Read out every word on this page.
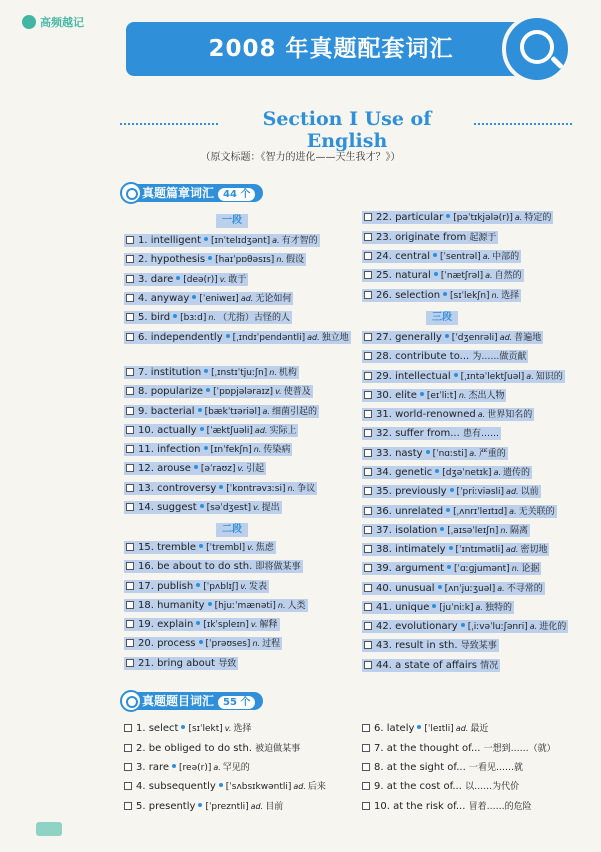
高频越记
2008 年真题配套词汇
Section Ⅰ Use of English
（原文标题：《智力的进化——天生我才？》）
真题篇章词汇 44 个
1. intelligent [ɪnˈtelɪdʒənt] a. 有才智的
2. hypothesis [haɪˈpɒθəsɪs] n. 假设
3. dare [deə(r)] v. 敢于
4. anyway [ˈeniweɪ] ad. 无论如何
5. bird [bɜːd] n. （尤指）古怪的人
6. independently [ˌɪndɪˈpendəntli] ad. 独立地
7. institution [ˌɪnstɪˈtjuːʃn] n. 机构
8. popularize [ˈpɒpjələraɪz] v. 使普及
9. bacterial [bækˈtɪəriəl] a. 细菌引起的
10. actually [ˈæktʃuəli] ad. 实际上
11. infection [ɪnˈfekʃn] n. 传染病
12. arouse [əˈraʊz] v. 引起
13. controversy [ˈkɒntrəvɜːsi] n. 争议
14. suggest [səˈdʒest] v. 提出
15. tremble [ˈtrembl] v. 焦虑
16. be about to do sth. 即将做某事
17. publish [ˈpʌblɪʃ] v. 发表
18. humanity [hjuːˈmænəti] n. 人类
19. explain [ɪkˈspleɪn] v. 解释
20. process [ˈprəʊses] n. 过程
21. bring about 导致
22. particular [pəˈtɪkjələ(r)] a. 特定的
23. originate from 起源于
24. central [ˈsentrəl] a. 中部的
25. natural [ˈnætʃrəl] a. 自然的
26. selection [sɪˈlekʃn] n. 选择
27. generally [ˈdʒenrəli] ad. 普遍地
28. contribute to... 为……做贡献
29. intellectual [ˌɪntəˈlektʃuəl] a. 知识的
30. elite [eɪˈliːt] n. 杰出人物
31. world-renowned a. 世界知名的
32. suffer from... 患有……
33. nasty [ˈnɑːsti] a. 严重的
34. genetic [dʒəˈnetɪk] a. 遗传的
35. previously [ˈpriːviəsli] ad. 以前
36. unrelated [ˌʌnrɪˈleɪtɪd] a. 无关联的
37. isolation [ˌaɪsəˈleɪʃn] n. 隔离
38. intimately [ˈɪntɪmətli] ad. 密切地
39. argument [ˈɑːɡjumənt] n. 论据
40. unusual [ʌnˈjuːʒuəl] a. 不寻常的
41. unique [juˈniːk] a. 独特的
42. evolutionary [ˌiːvəˈluːʃənri] a. 进化的
43. result in sth. 导致某事
44. a state of affairs 情况
1. select [sɪˈlekt] v. 选择
2. be obliged to do sth. 被迫做某事
3. rare [reə(r)] a. 罕见的
4. subsequently [ˈsʌbsɪkwəntli] ad. 后来
5. presently [ˈprezntli] ad. 目前
6. lately [ˈleɪtli] ad. 最近
7. at the thought of... 一想到……（就）
8. at the sight of... 一看见……就
9. at the cost of... 以……为代价
10. at the risk of... 冒着……的危险
一段
二段
三段
真题题目词汇 55 个
